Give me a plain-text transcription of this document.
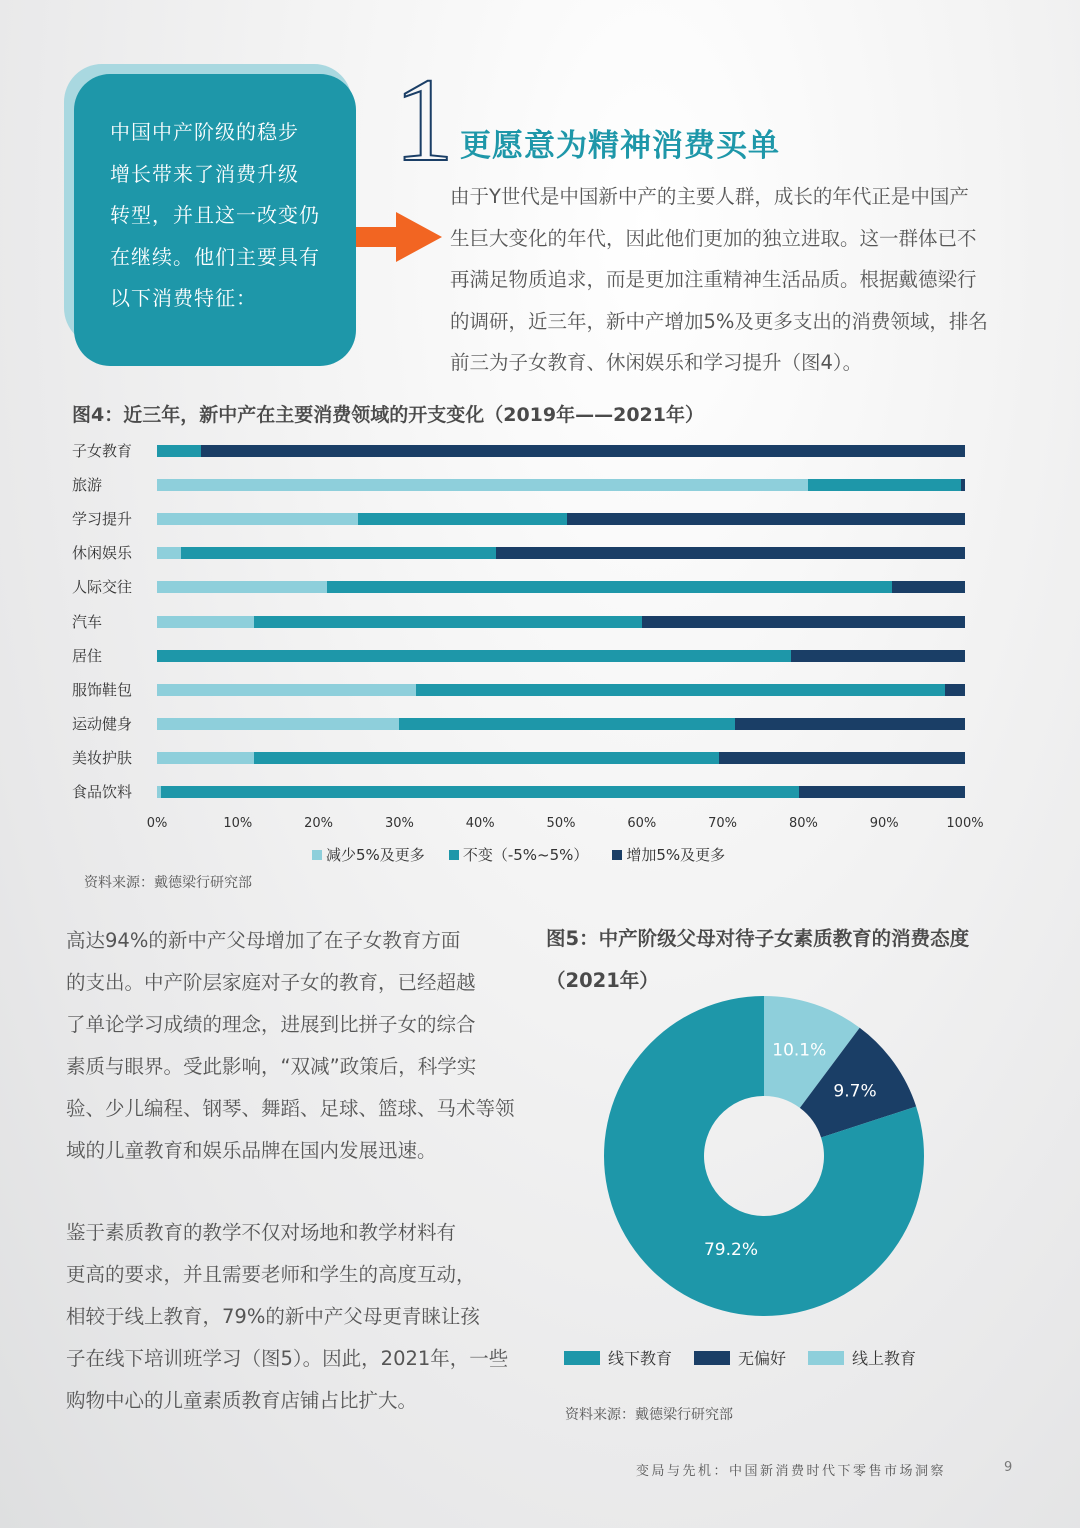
中国中产阶级的稳步

增长带来了消费升级

转型，并且这一改变仍

在继续。他们主要具有

以下消费特征：

1 更愿意为精神消费买单
由于Y世代是中国新中产的主要人群，成长的年代正是中国产
生巨大变化的年代，因此他们更加的独立进取。这一群体已不
再满足物质追求，而是更加注重精神生活品质。根据戴德梁行
的调研，近三年，新中产增加5%及更多支出的消费领域，排名
前三为子女教育、休闲娱乐和学习提升（图4）。
图4：近三年，新中产在主要消费领域的开支变化（2019年——2021年）
子女教育
旅游
学习提升
休闲娱乐
人际交往
汽车
居住
服饰鞋包
运动健身
美妆护肤
食品饮料
0%	10%	20%	30%	40%	50%	60%	70%	80%	90%	100%
减少5%及更多	不变（-5%~5%）	增加5%及更多
资料来源：戴德梁行研究部
高达94%的新中产父母增加了在子女教育方面
的支出。中产阶层家庭对子女的教育，已经超越
了单论学习成绩的理念，进展到比拼子女的综合
素质与眼界。受此影响，“双减”政策后，科学实
验、少儿编程、钢琴、舞蹈、足球、篮球、马术等领
域的儿童教育和娱乐品牌在国内发展迅速。
鉴于素质教育的教学不仅对场地和教学材料有
更高的要求，并且需要老师和学生的高度互动，
相较于线上教育，79%的新中产父母更青睐让孩
子在线下培训班学习（图5）。因此，2021年，一些
购物中心的儿童素质教育店铺占比扩大。
图5：中产阶级父母对待子女素质教育的消费态度（2021年）
10.1%
9.7%
79.2%
线下教育	无偏好	线上教育
资料来源：戴德梁行研究部
变局与先机：中国新消费时代下零售市场洞察	9
